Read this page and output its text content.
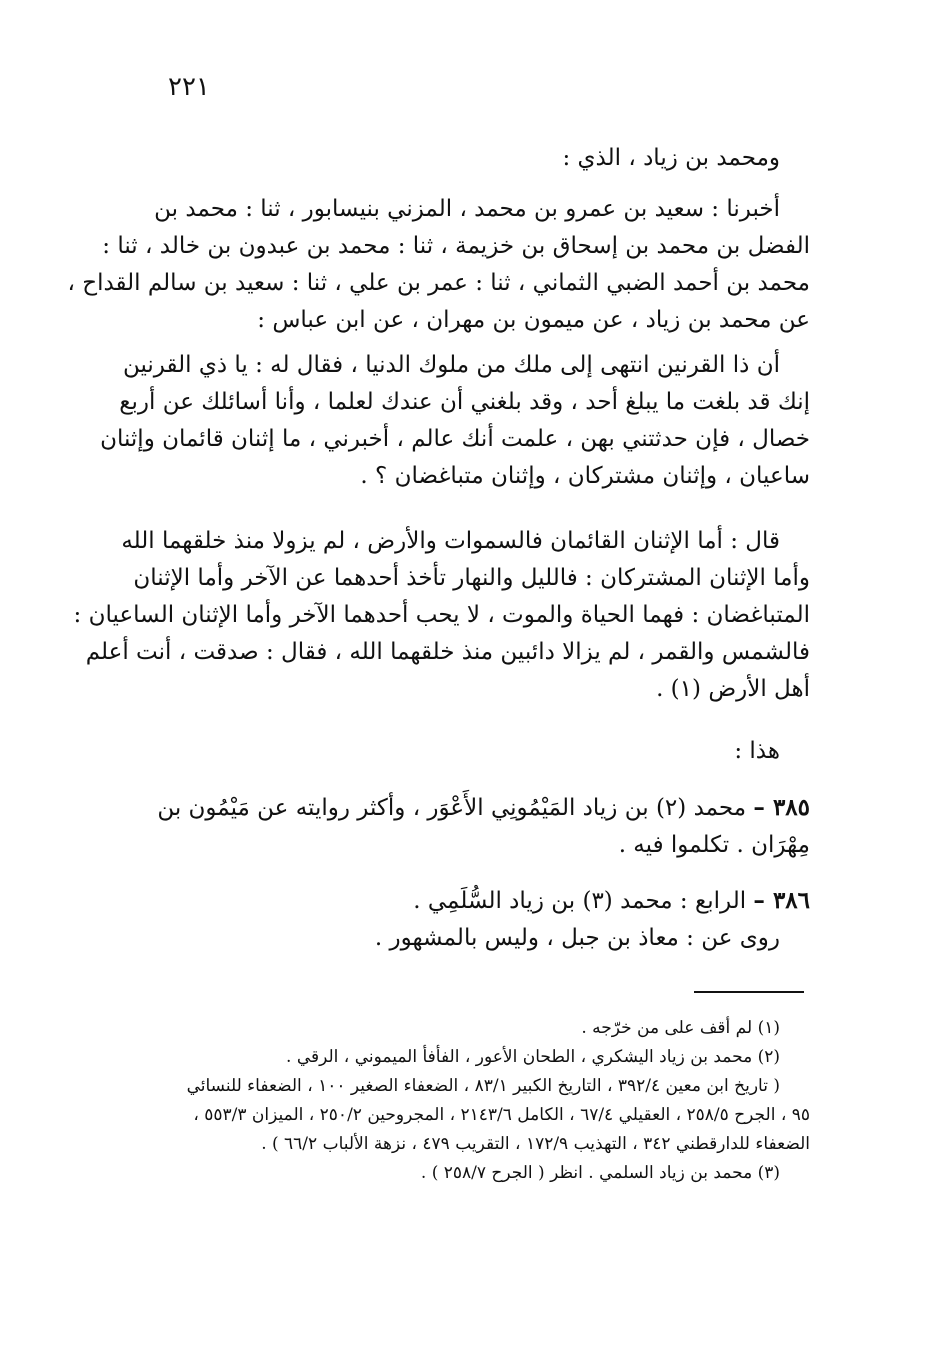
٢٢١
ومحمد بن زياد ، الذي :
أخبرنا : سعيد بن عمرو بن محمد ، المزني بنيسابور ، ثنا : محمد بن
الفضل بن محمد بن إسحاق بن خزيمة ، ثنا : محمد بن عبدون بن خالد ، ثنا :
محمد بن أحمد الضبي الثماني ، ثنا : عمر بن علي ، ثنا : سعيد بن سالم القداح ،
عن محمد بن زياد ، عن ميمون بن مهران ، عن ابن عباس :
أن ذا القرنين انتهى إلى ملك من ملوك الدنيا ، فقال له : يا ذي القرنين
إنك قد بلغت ما يبلغ أحد ، وقد بلغني أن عندك لعلما ، وأنا أسائلك عن أربع
خصال ، فإن حدثتني بهن ، علمت أنك عالم ، أخبرني ، ما إثنان قائمان وإثنان
ساعيان ، وإثنان مشتركان ، وإثنان متباغضان ؟ .
قال : أما الإثنان القائمان فالسموات والأرض ، لم يزولا منذ خلقهما الله
وأما الإثنان المشتركان : فالليل والنهار تأخذ أحدهما عن الآخر وأما الإثنان
المتباغضان : فهما الحياة والموت ، لا يحب أحدهما الآخر وأما الإثنان الساعيان :
فالشمس والقمر ، لم يزالا دائبين منذ خلقهما الله ، فقال : صدقت ، أنت أعلم
أهل الأرض (١) .
هذا :
٣٨٥ – محمد (٢) بن زياد المَيْمُونِي الأَعْوَر ، وأكثر روايته عن مَيْمُون بن
مِهْرَان . تكلموا فيه .
٣٨٦ – الرابع : محمد (٣) بن زياد السُّلَمِي .
روى عن : معاذ بن جبل ، وليس بالمشهور .
(١) لم أقف على من خرّجه .
(٢) محمد بن زياد اليشكري ، الطحان الأعور ، الفأفأ الميموني ، الرقي .
( تاريخ ابن معين ٣٩٢/٤ ، التاريخ الكبير ٨٣/١ ، الضعفاء الصغير ١٠٠ ، الضعفاء للنسائي
٩٥ ، الجرح ٢٥٨/٥ ، العقيلي ٦٧/٤ ، الكامل ٢١٤٣/٦ ، المجروحين ٢٥٠/٢ ، الميزان ٥٥٣/٣ ،
الضعفاء للدارقطني ٣٤٢ ، التهذيب ١٧٢/٩ ، التقريب ٤٧٩ ، نزهة الألباب ٦٦/٢ ) .
(٣) محمد بن زياد السلمي . انظر ( الجرح ٢٥٨/٧ ) .
